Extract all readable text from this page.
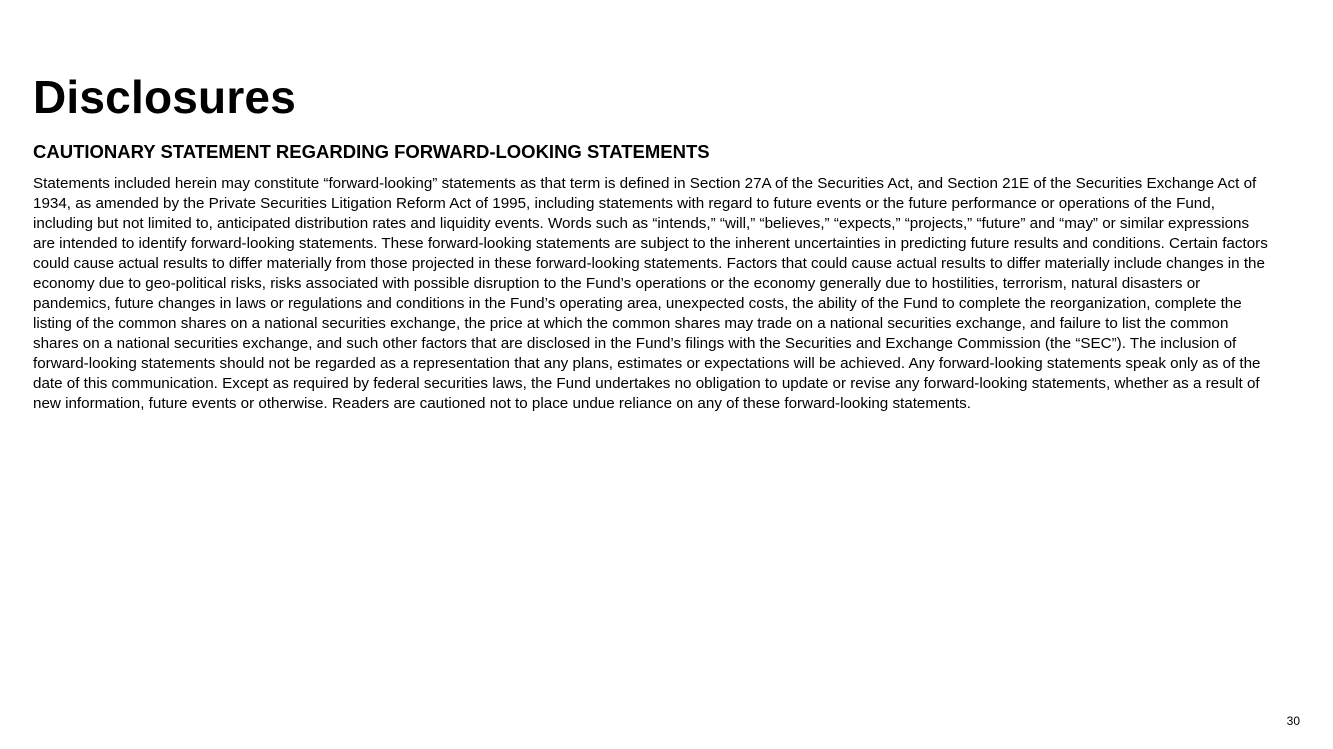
Disclosures
CAUTIONARY STATEMENT REGARDING FORWARD-LOOKING STATEMENTS

Statements included herein may constitute “forward-looking” statements as that term is defined in Section 27A of the Securities Act, and Section 21E of the Securities Exchange Act of 1934, as amended by the Private Securities Litigation Reform Act of 1995, including statements with regard to future events or the future performance or operations of the Fund, including but not limited to, anticipated distribution rates and liquidity events. Words such as “intends,” “will,” “believes,” “expects,” “projects,” “future” and “may” or similar expressions are intended to identify forward-looking statements. These forward-looking statements are subject to the inherent uncertainties in predicting future results and conditions. Certain factors could cause actual results to differ materially from those projected in these forward-looking statements. Factors that could cause actual results to differ materially include changes in the economy due to geo-political risks, risks associated with possible disruption to the Fund’s operations or the economy generally due to hostilities, terrorism, natural disasters or pandemics, future changes in laws or regulations and conditions in the Fund’s operating area, unexpected costs, the ability of the Fund to complete the reorganization, complete the listing of the common shares on a national securities exchange, the price at which the common shares may trade on a national securities exchange, and failure to list the common shares on a national securities exchange, and such other factors that are disclosed in the Fund’s filings with the Securities and Exchange Commission (the “SEC”). The inclusion of forward-looking statements should not be regarded as a representation that any plans, estimates or expectations will be achieved. Any forward-looking statements speak only as of the date of this communication. Except as required by federal securities laws, the Fund undertakes no obligation to update or revise any forward-looking statements, whether as a result of new information, future events or otherwise. Readers are cautioned not to place undue reliance on any of these forward-looking statements.

30
